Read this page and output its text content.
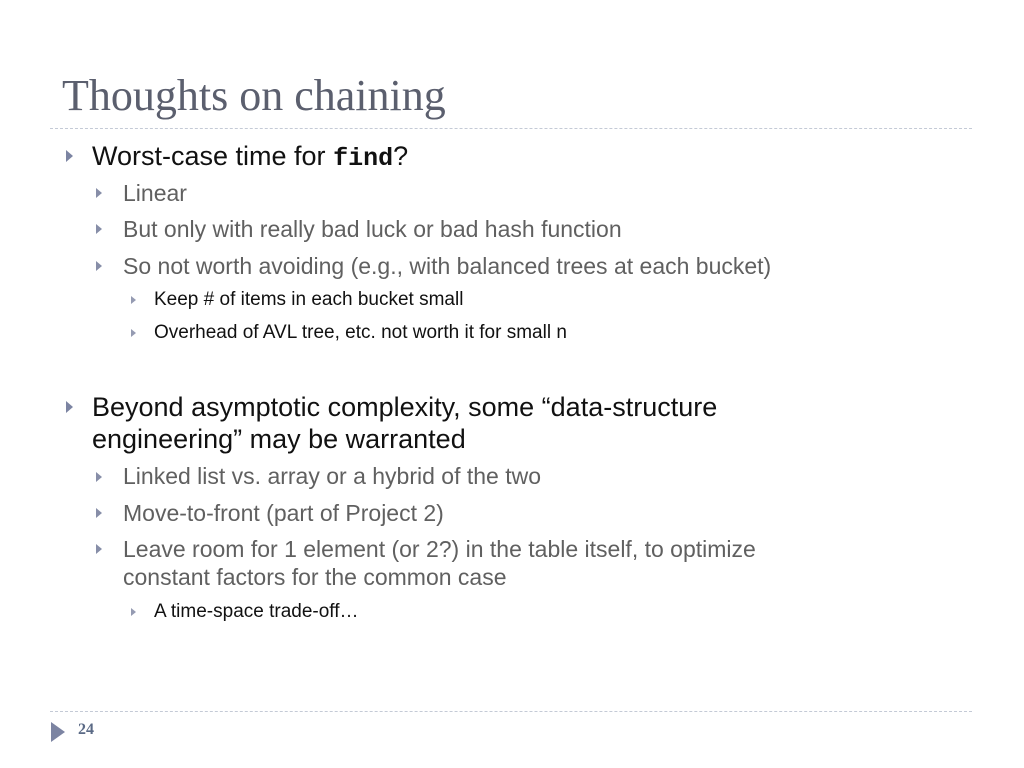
Thoughts on chaining
Worst-case time for find?
Linear
But only with really bad luck or bad hash function
So not worth avoiding (e.g., with balanced trees at each bucket)
Keep # of items in each bucket small
Overhead of AVL tree, etc. not worth it for small n
Beyond asymptotic complexity, some “data-structure
engineering” may be warranted
Linked list vs. array or a hybrid of the two
Move-to-front (part of Project 2)
Leave room for 1 element (or 2?) in the table itself, to optimize
constant factors for the common case
A time-space trade-off…
24
